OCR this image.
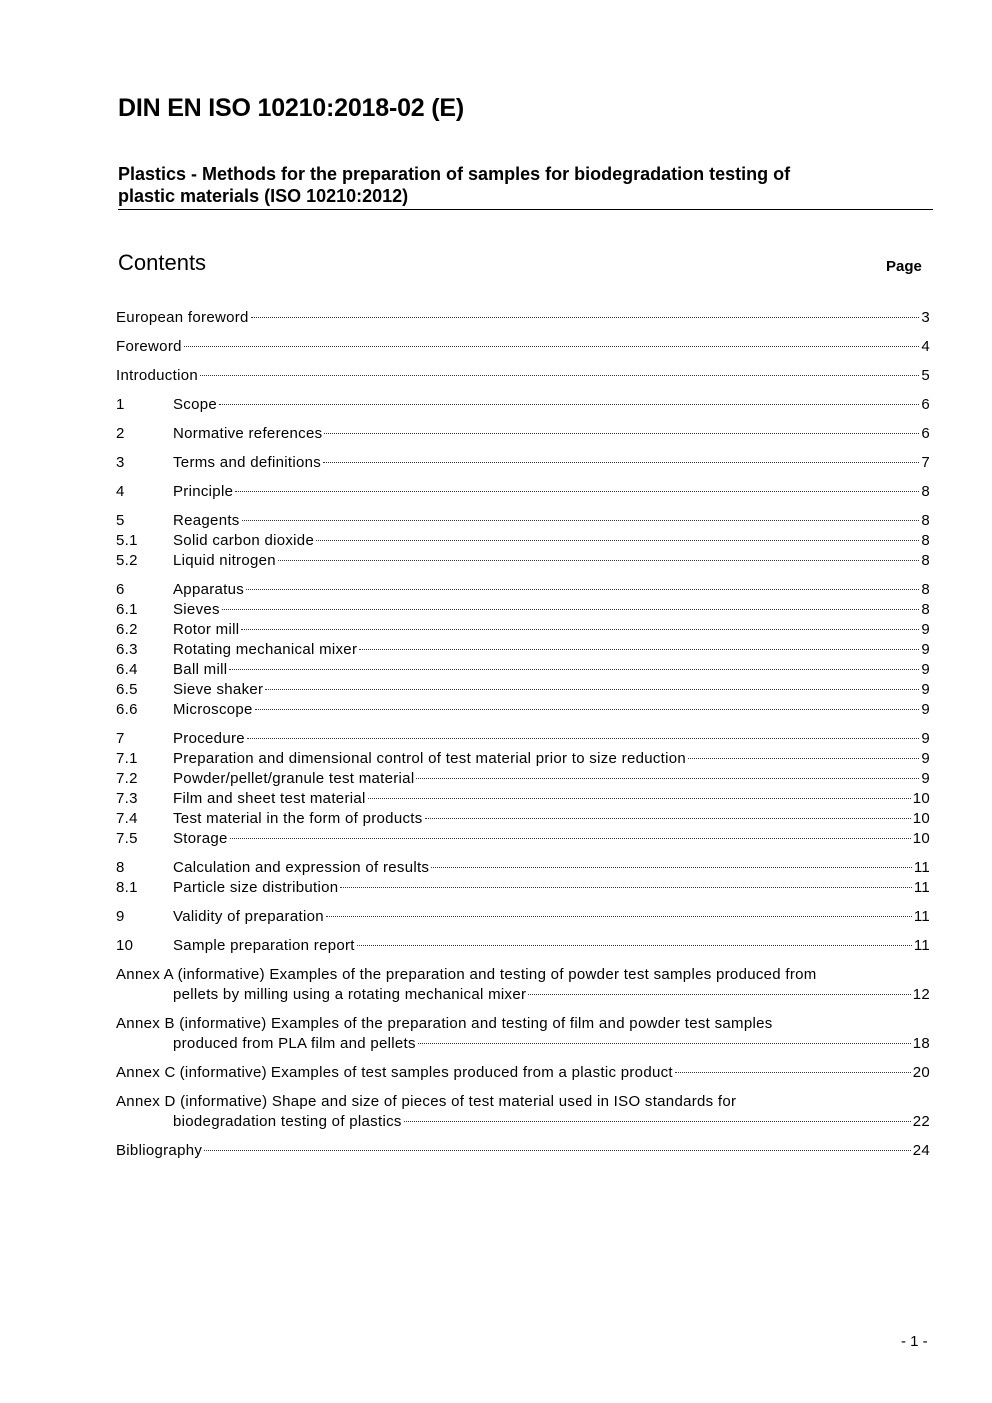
DIN EN ISO 10210:2018-02 (E)
Plastics - Methods for the preparation of samples for biodegradation testing of
plastic materials (ISO 10210:2012)
Contents	Page
European foreword	3
Foreword	4
Introduction	5
1	Scope	6
2	Normative references	6
3	Terms and definitions	7
4	Principle	8
5	Reagents	8
5.1	Solid carbon dioxide	8
5.2	Liquid nitrogen	8
6	Apparatus	8
6.1	Sieves	8
6.2	Rotor mill	9
6.3	Rotating mechanical mixer	9
6.4	Ball mill	9
6.5	Sieve shaker	9
6.6	Microscope	9
7	Procedure	9
7.1	Preparation and dimensional control of test material prior to size reduction	9
7.2	Powder/pellet/granule test material	9
7.3	Film and sheet test material	10
7.4	Test material in the form of products	10
7.5	Storage	10
8	Calculation and expression of results	11
8.1	Particle size distribution	11
9	Validity of preparation	11
10	Sample preparation report	11
Annex A (informative) Examples of the preparation and testing of powder test samples produced from
pellets by milling using a rotating mechanical mixer	12
Annex B (informative) Examples of the preparation and testing of film and powder test samples
produced from PLA film and pellets	18
Annex C (informative) Examples of test samples produced from a plastic product	20
Annex D (informative) Shape and size of pieces of test material used in ISO standards for
biodegradation testing of plastics	22
Bibliography	24
- 1 -
